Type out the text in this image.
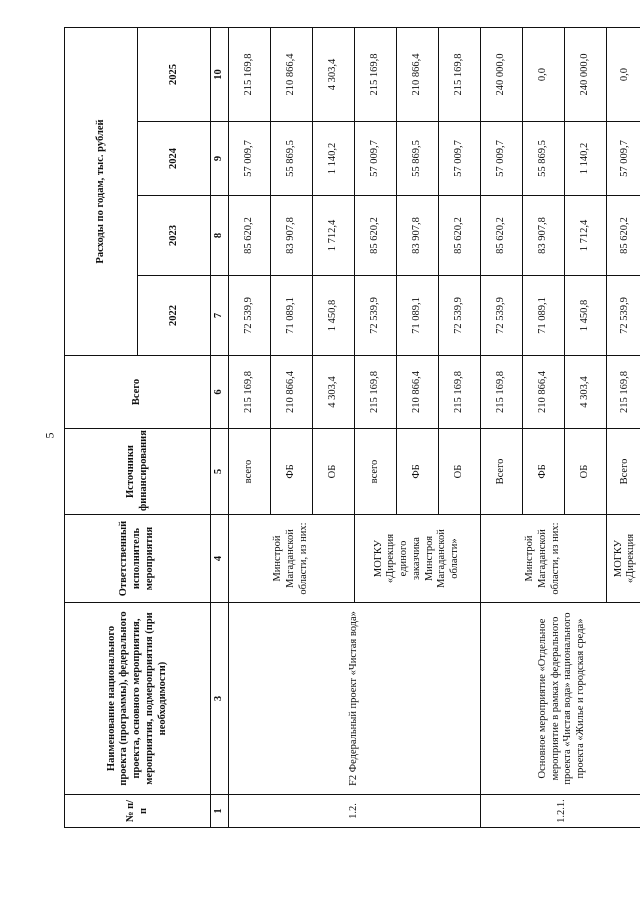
5
№ п/п	Наименование национального проекта (программы), федерального проекта, основного мероприятия, мероприятия, подмероприятия (при необходимости)	Ответственный исполнитель мероприятия	Источники финансирования	Всего	Расходы по годам, тыс. рублей			
					2022	2023	2024	2025
1	3	4	5	6	7	8	9	10
1.2.	F2 Федеральный проект «Чистая вода»	Минстрой Магаданской области, из них:	всего	215 169,8	72 539,9	85 620,2	57 009,7	215 169,8
			ФБ	210 866,4	71 089,1	83 907,8	55 869,5	210 866,4
			ОБ	4 303,4	1 450,8	1 712,4	1 140,2	4 303,4
		МОГКУ «Дирекция единого заказчика Минстроя Магаданской области»	всего	215 169,8	72 539,9	85 620,2	57 009,7	215 169,8
			ФБ	210 866,4	71 089,1	83 907,8	55 869,5	210 866,4
			ОБ	215 169,8	72 539,9	85 620,2	57 009,7	215 169,8
1.2.1.	Основное мероприятие «Отдельное мероприятие в рамках федерального проекта «Чистая вода» национального проекта «Жилье и городская среда»	Минстрой Магаданской области, из них:	Всего	215 169,8	72 539,9	85 620,2	57 009,7	240 000,0
			ФБ	210 866,4	71 089,1	83 907,8	55 869,5	0,0
			ОБ	4 303,4	1 450,8	1 712,4	1 140,2	240 000,0
		МОГКУ «Дирекция	Всего	215 169,8	72 539,9	85 620,2	57 009,7	0,0
